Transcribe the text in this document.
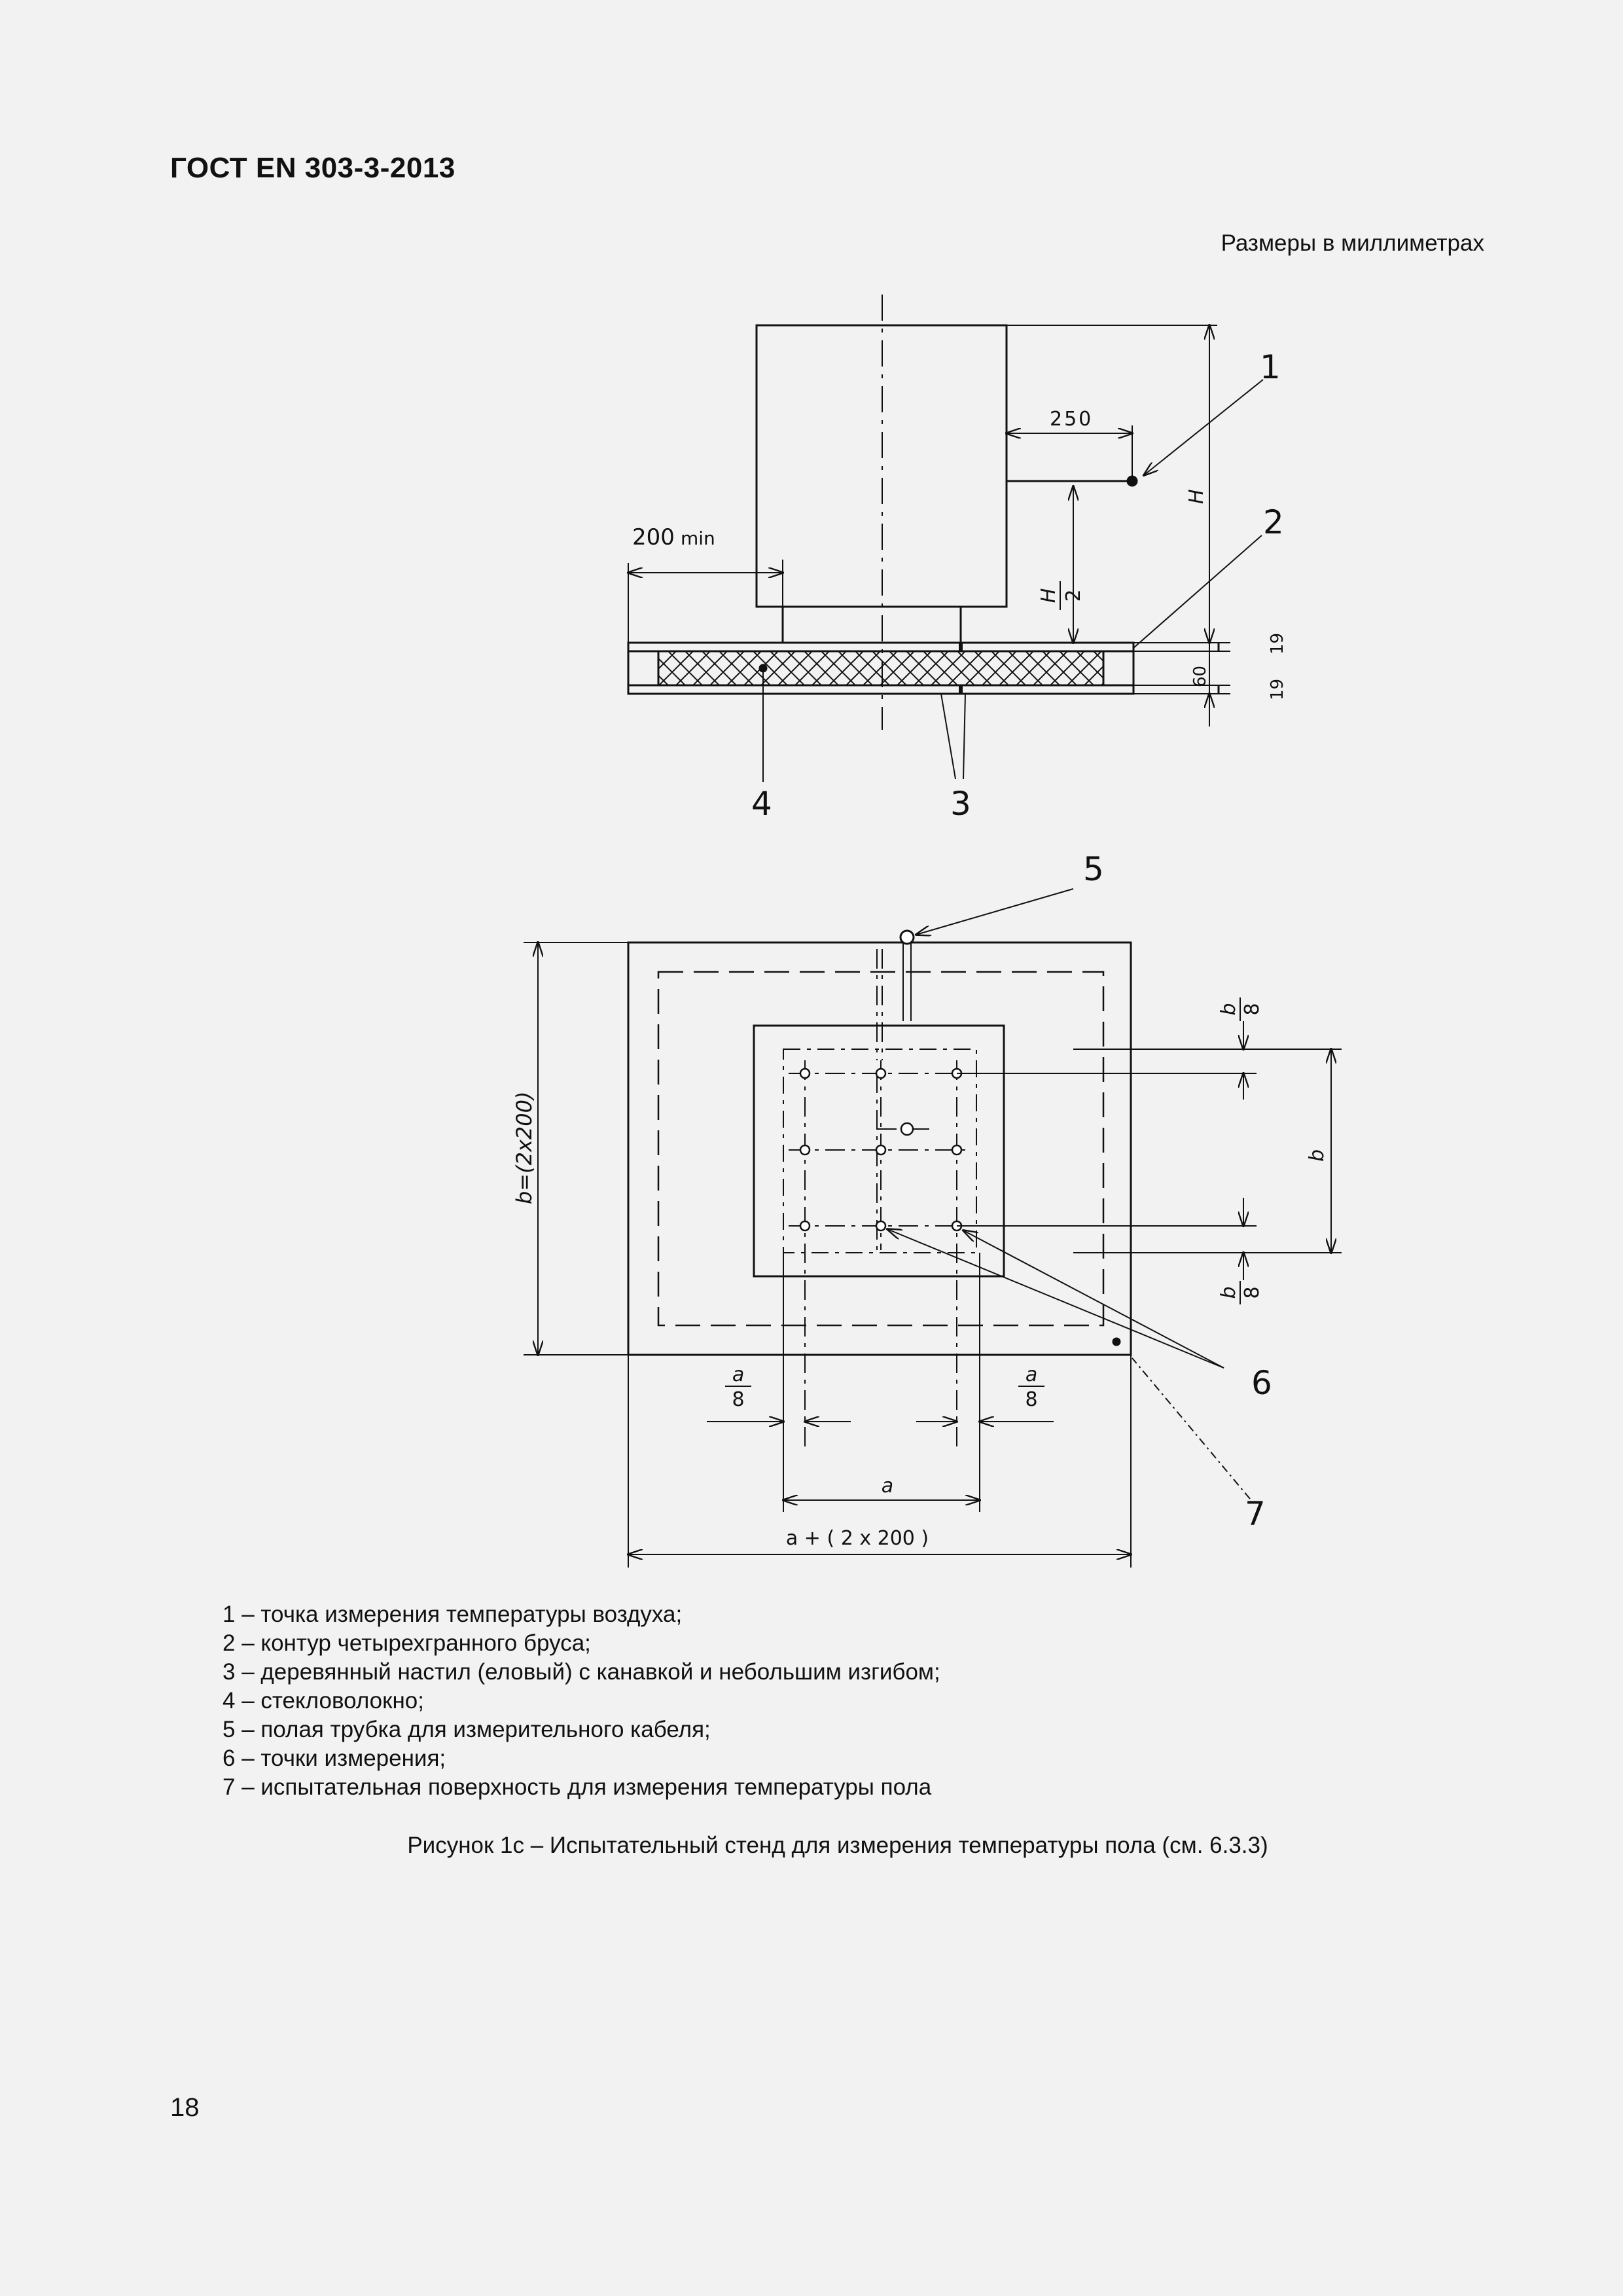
ГОСТ EN 303-3-2013
Размеры в миллиметрах
250
200 min
H 2
H
60
19
19
1
2
4	3
5
6
7
b=(2x200)
b 8
b 8
b
a
8
a
8
a
a + ( 2 x 200 )
1 – точка измерения температуры воздуха;
2 – контур четырехгранного бруса;
3 – деревянный настил (еловый) с канавкой и небольшим изгибом;
4 – стекловолокно;
5 – полая трубка для измерительного кабеля;
6 – точки измерения;
7 – испытательная поверхность для измерения температуры пола
Рисунок 1с – Испытательный стенд для измерения температуры пола (см. 6.3.3)
18
